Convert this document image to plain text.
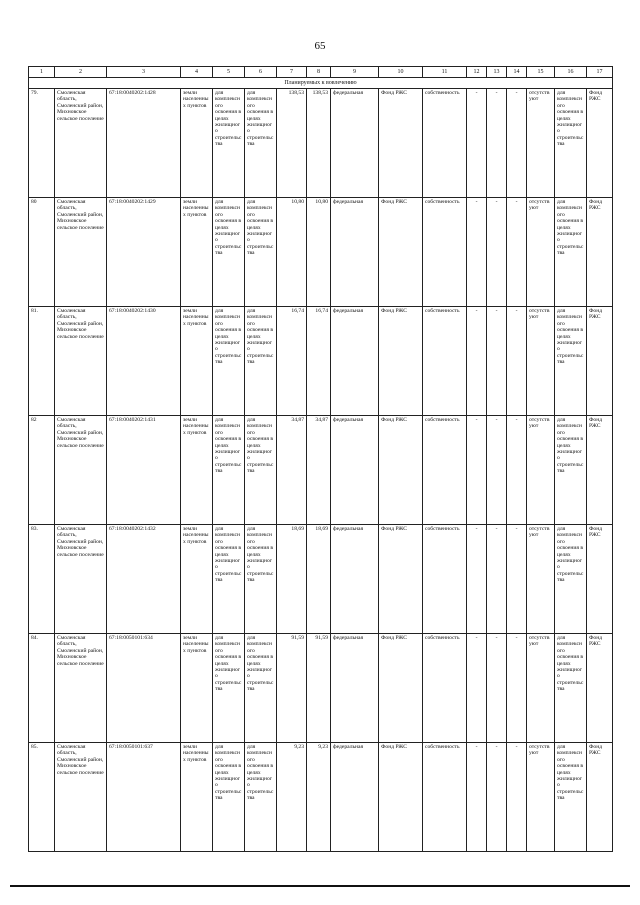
65
1	2	3	4	5	6	7	8	9	10	11	12	13	14	15	16	17
Планируемых к вовлечению																
79.	Смоленская область, Смоленский район, Михновское сельское поселение	67:18:0040202:1428	земли населенных пунктов	для комплексного освоения в целях жилищного строительства	для комплексного освоения в целях жилищного строительства	138,53	138,53	федеральная	Фонд РЖС	собственность	-	-	-	отсутствуют	для комплексного освоения в целях жилищного строительства	Фонд РЖС
80	Смоленская область, Смоленский район, Михновское сельское поселение	67:18:0040202:1429	земли населенных пунктов	для комплексного освоения в целях жилищного строительства	для комплексного освоения в целях жилищного строительства	10,80	10,80	федеральная	Фонд РЖС	собственность	-	-	-	отсутствуют	для комплексного освоения в целях жилищного строительства	Фонд РЖС
81.	Смоленская область, Смоленский район, Михновское сельское поселение	67:18:0040202:1430	земли населенных пунктов	для комплексного освоения в целях жилищного строительства	для комплексного освоения в целях жилищного строительства	16,74	16,74	федеральная	Фонд РЖС	собственность	-	-	-	отсутствуют	для комплексного освоения в целях жилищного строительства	Фонд РЖС
82	Смоленская область, Смоленский район, Михновское сельское поселение	67:18:0040202:1431	земли населенных пунктов	для комплексного освоения в целях жилищного строительства	для комплексного освоения в целях жилищного строительства	34,87	34,87	федеральная	Фонд РЖС	собственность	-	-	-	отсутствуют	для комплексного освоения в целях жилищного строительства	Фонд РЖС
83.	Смоленская область, Смоленский район, Михновское сельское поселение	67:18:0040202:1432	земли населенных пунктов	для комплексного освоения в целях жилищного строительства	для комплексного освоения в целях жилищного строительства	18,69	18,69	федеральная	Фонд РЖС	собственность	-	-	-	отсутствуют	для комплексного освоения в целях жилищного строительства	Фонд РЖС
84.	Смоленская область, Смоленский район, Михновское сельское поселение	67:18:0050101:634	земли населенных пунктов	для комплексного освоения в целях жилищного строительства	для комплексного освоения в целях жилищного строительства	91,59	91,59	федеральная	Фонд РЖС	собственность	-	-	-	отсутствуют	для комплексного освоения в целях жилищного строительства	Фонд РЖС
85.	Смоленская область, Смоленский район, Михновское сельское поселение	67:18:0050101:637	земли населенных пунктов	для комплексного освоения в целях жилищного строительства	для комплексного освоения в целях жилищного строительства	9,23	9,23	федеральная	Фонд РЖС	собственность	-	-	-	отсутствуют	для комплексного освоения в целях жилищного строительства	Фонд РЖС
